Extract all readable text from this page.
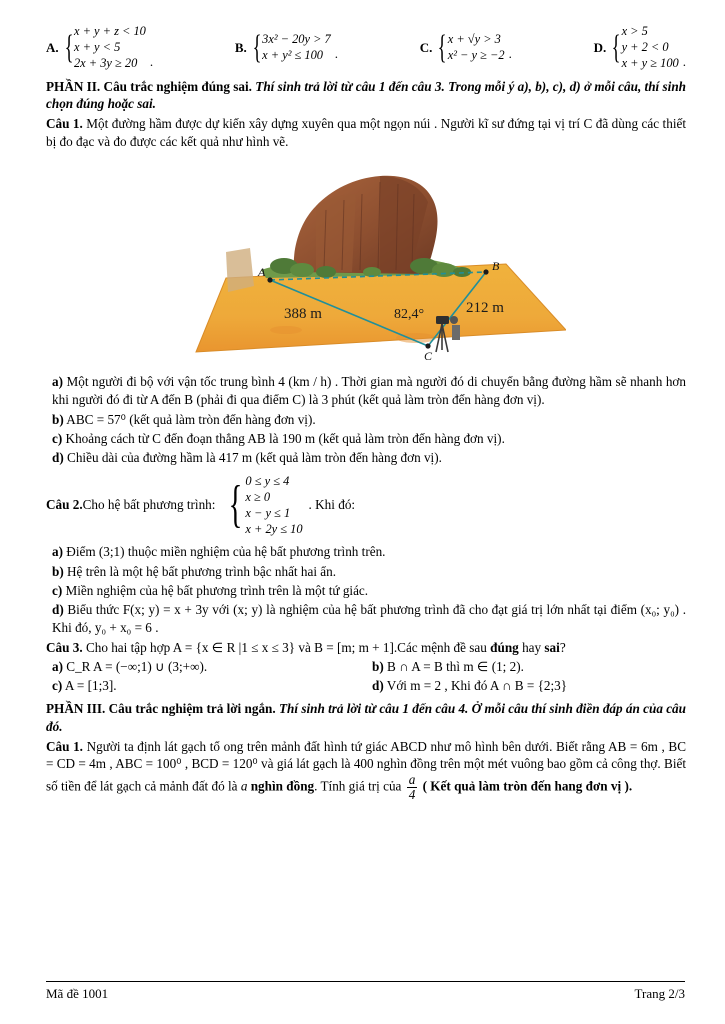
A. { x + y + z < 10
x + y < 5
2x + 3y ≥ 20 .
B. { 3x² − 20y > 7
x + y² ≤ 100 .	C. { x + √y > 3
x² − y ≥ −2 .	D. { x > 5
y + 2 < 0
x + y ≥ 100 .

PHẦN II. Câu trắc nghiệm đúng sai. Thí sinh trả lời từ câu 1 đến câu 3. Trong mỗi ý a), b), c), d) ở mỗi câu, thí sinh chọn đúng hoặc sai.

Câu 1. Một đường hầm được dự kiến xây dựng xuyên qua một ngọn núi . Người kĩ sư đứng tại vị trí C đã dùng các thiết bị đo đạc và đo được các kết quả như hình vẽ.

A	B
C
388 m	82,4°	212 m

a) Một người đi bộ với vận tốc trung bình 4 (km / h) . Thời gian mà người đó di chuyển bằng đường hầm sẽ nhanh hơn khi người đó đi từ A đến B (phải đi qua điểm C) là 3 phút (kết quả làm tròn đến hàng đơn vị).

b) ABC = 57⁰ (kết quả làm tròn đến hàng đơn vị).

c) Khoảng cách từ C đến đoạn thẳng AB là 190 m (kết quả làm tròn đến hàng đơn vị).

d) Chiều dài của đường hầm là 417 m (kết quả làm tròn đến hàng đơn vị).

Câu 2. Cho hệ bất phương trình: { 0 ≤ y ≤ 4
x ≥ 0
x − y ≤ 1
x + 2y ≤ 10
. Khi đó:

a) Điểm (3;1) thuộc miền nghiệm của hệ bất phương trình trên.

b) Hệ trên là một hệ bất phương trình bậc nhất hai ẩn.

c) Miền nghiệm của hệ bất phương trình trên là một tứ giác.

d) Biểu thức F(x; y) = x + 3y với (x; y) là nghiệm của hệ bất phương trình đã cho đạt giá trị lớn nhất tại điểm (x₀; y₀) . Khi đó, y₀ + x₀ = 6 .

Câu 3. Cho hai tập hợp A = {x ∈ R |1 ≤ x ≤ 3} và B = [m; m + 1].Các mệnh đề sau đúng hay sai?

a) C_R A = (−∞;1) ∪ (3;+∞).	b) B ∩ A = B thì m ∈ (1; 2).

c) A = [1;3].	d) Với m = 2 , Khi đó A ∩ B = {2;3}

PHẦN III. Câu trắc nghiệm trả lời ngắn. Thí sinh trả lời từ câu 1 đến câu 4. Ở mỗi câu thí sinh điền đáp án của câu đó.

Câu 1. Người ta định lát gạch tổ ong trên mảnh đất hình tứ giác ABCD như mô hình bên dưới. Biết rằng AB = 6m , BC = CD = 4m , ABC = 100⁰ , BCD = 120⁰ và giá lát gạch là 400 nghìn đồng trên một mét vuông bao gồm cả công thợ. Biết số tiền để lát gạch cả mảnh đất đó là a nghìn đồng. Tính giá trị của $\frac{a}{4}$ ( Kết quả làm tròn đến hang đơn vị ).

Mã đề 1001	Trang 2/3
